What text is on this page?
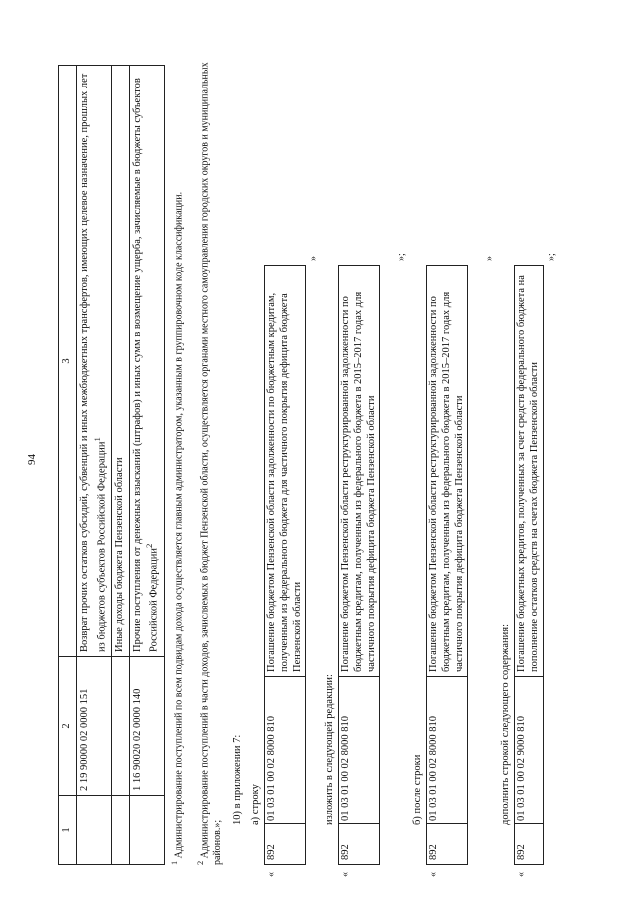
94
1	2	3
	2 19 90000 02 0000 151	Возврат прочих остатков субсидий, субвенций и иных межбюджетных трансфертов, имеющих целевое назначение, прошлых лет из бюджетов субъектов Российской Федерации$^1$
		Иные доходы бюджета Пензенской области
	1 16 90020 02 0000 140	Прочие поступления от денежных взысканий (штрафов) и иных сумм в возмещение ущерба, зачисляемые в бюджеты субъектов Российской Федерации$^2$
$^1$ Администрирование поступлений по всем подвидам дохода осуществляется главным администратором, указанным в группировочном коде классификации.
$^2$ Администрирование поступлений в части доходов, зачисляемых в бюджет Пензенской области, осуществляется органами местного самоуправления городских округов и муниципальных районов.»;
10) в приложении 7: а) строку
«
892	01 03 01 00 02 8000 810	Погашение бюджетом Пензенской области задолженности по бюджетным кредитам, полученным из федерального бюджета для частичного покрытия дефицита бюджета Пензенской области
»
изложить в следующей редакции:
«
892	01 03 01 00 02 8000 810	Погашение бюджетом Пензенской области реструктурированной задолженности по бюджетным кредитам, полученным из федерального бюджета в 2015–2017 годах для частичного покрытия дефицита бюджета Пензенской области
»;
б) после строки
«
892	01 03 01 00 02 8000 810	Погашение бюджетом Пензенской области реструктурированной задолженности по бюджетным кредитам, полученным из федерального бюджета в 2015–2017 годах для частичного покрытия дефицита бюджета Пензенской области
»
дополнить строкой следующего содержания:
«
892	01 03 01 00 02 9000 810	Погашение бюджетных кредитов, полученных за счет средств федерального бюджета на пополнение остатков средств на счетах бюджета Пензенской области
»;
